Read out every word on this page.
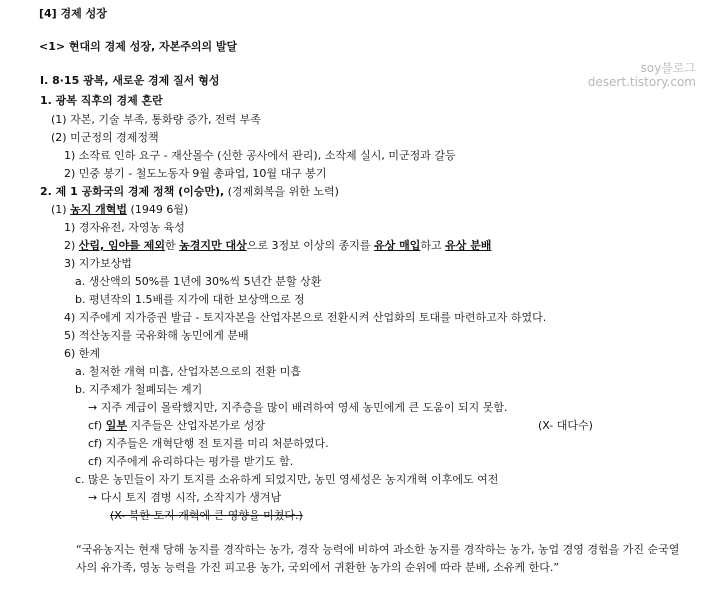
soy블로그
desert.tistory.com
[4] 경제 성장
<1> 현대의 경제 성장, 자본주의의 발달
Ⅰ. 8·15 광복, 새로운 경제 질서 형성
1. 광복 직후의 경제 혼란
(1) 자본, 기술 부족, 통화량 증가, 전력 부족
(2) 미군정의 경제정책
1) 소작료 인하 요구 - 재산몰수 (신한 공사에서 관리), 소작제 실시, 미군정과 갈등
2) 민중 봉기 - 철도노동자 9월 총파업, 10월 대구 봉기
2. 제 1 공화국의 경제 정책 (이승만), (경제회복을 위한 노력)
(1) 농지 개혁법 (1949 6월)
1) 경자유전, 자영농 육성
2) 산림, 임야를 제외한 농경지만 대상으로 3정보 이상의 종지를 유상 매입하고 유상 분배
3) 지가보상법
a. 생산액의 50%를 1년에 30%씩 5년간 분할 상환
b. 평년작의 1.5배를 지가에 대한 보상액으로 정
4) 지주에게 지가증권 발급 - 토지자본을 산업자본으로 전환시켜 산업화의 토대를 마련하고자 하였다.
5) 적산농지를 국유화해 농민에게 분배
6) 한계
a. 철저한 개혁 미흡, 산업자본으로의 전환 미흡
b. 지주제가 철폐되는 계기
→ 지주 계급이 몰락했지만, 지주층을 많이 배려하여 영세 농민에게 큰 도움이 되지 못함.
cf) 일부 지주들은 산업자본가로 성장	(X- 대다수)
cf) 지주들은 개혁단행 전 토지를 미리 처분하였다.
cf) 지주에게 유리하다는 평가를 받기도 함.
c. 많은 농민들이 자기 토지를 소유하게 되었지만, 농민 영세성은 농지개혁 이후에도 여전
→ 다시 토지 겸병 시작, 소작지가 생겨남
(X- 북한 토지 개혁에 큰 영향을 미쳤다.)
“국유농지는 현재 당해 농지를 경작하는 농가, 경작 능력에 비하여 과소한 농지를 경작하는 농가, 농업 경영 경험을 가진 순국열사의 유가족, 영농 능력을 가진 피고용 농가, 국외에서 귀환한 농가의 순위에 따라 분배, 소유케 한다.”
